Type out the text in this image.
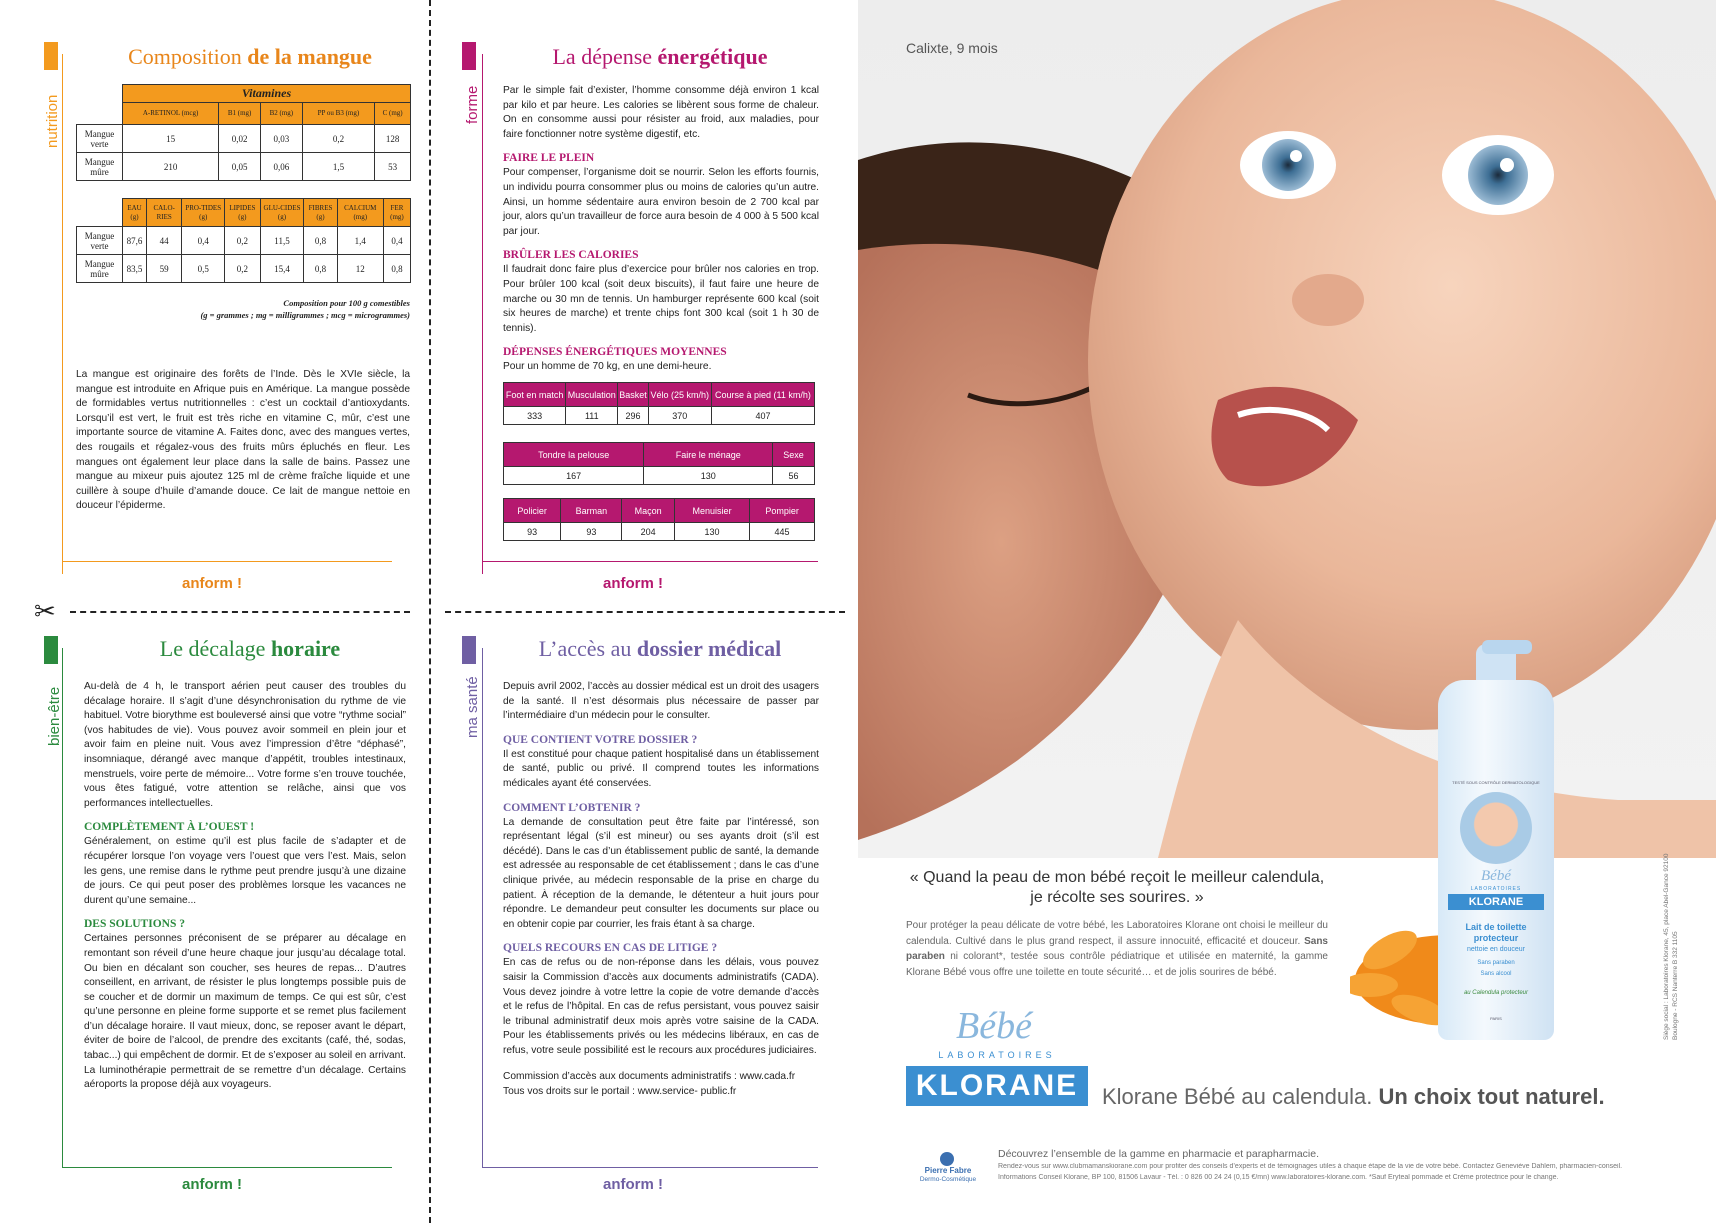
✂
nutrition
Composition de la mangue
	Vitamines				
	A-RETINOL (mcg)	B1 (mg)	B2 (mg)	PP ou B3 (mg)	C (mg)
Mangue verte	15	0,02	0,03	0,2	128
Mangue mûre	210	0,05	0,06	1,5	53
	EAU (g)	CALO-RIES	PRO-TIDES (g)	LIPIDES (g)	GLU-CIDES (g)	FIBRES (g)	CALCIUM (mg)	FER (mg)
Mangue verte	87,6	44	0,4	0,2	11,5	0,8	1,4	0,4
Mangue mûre	83,5	59	0,5	0,2	15,4	0,8	12	0,8
Composition pour 100 g comestibles
(g = grammes ; mg = milligrammes ; mcg = microgrammes)

La mangue est originaire des forêts de l’Inde. Dès le XVIe siècle, la mangue est introduite en Afrique puis en Amérique. La mangue possède de formidables vertus nutritionnelles : c’est un cocktail d’antioxydants. Lorsqu’il est vert, le fruit est très riche en vitamine C, mûr, c’est une importante source de vitamine A. Faites donc, avec des mangues vertes, des rougails et régalez-vous des fruits mûrs épluchés en fleur. Les mangues ont également leur place dans la salle de bains. Passez une mangue au mixeur puis ajoutez 125 ml de crème fraîche liquide et une cuillère à soupe d’huile d’amande douce. Ce lait de mangue nettoie en douceur l’épiderme.

anform !
forme
La dépense énergétique

Par le simple fait d’exister, l’homme consomme déjà environ 1 kcal par kilo et par heure. Les calories se libèrent sous forme de chaleur. On en consomme aussi pour résister au froid, aux maladies, pour faire fonctionner notre système digestif, etc.

FAIRE LE PLEIN

Pour compenser, l’organisme doit se nourrir. Selon les efforts fournis, un individu pourra consommer plus ou moins de calories qu’un autre. Ainsi, un homme sédentaire aura environ besoin de 2 700 kcal par jour, alors qu’un travailleur de force aura besoin de 4 000 à 5 500 kcal par jour.

BRÛLER LES CALORIES

Il faudrait donc faire plus d’exercice pour brûler nos calories en trop. Pour brûler 100 kcal (soit deux biscuits), il faut faire une heure de marche ou 30 mn de tennis. Un hamburger représente 600 kcal (soit six heures de marche) et trente chips font 300 kcal (soit 1 h 30 de tennis).

DÉPENSES ÉNERGÉTIQUES MOYENNES

Pour un homme de 70 kg, en une demi-heure.

Foot en match	Musculation	Basket	Vélo (25 km/h)	Course à pied (11 km/h)
333	111	296	370	407
Tondre la pelouse	Faire le ménage	Sexe
167	130	56
Policier	Barman	Maçon	Menuisier	Pompier
93	93	204	130	445
anform !
bien-être
Le décalage horaire

Au-delà de 4 h, le transport aérien peut causer des troubles du décalage horaire. Il s’agit d’une désynchronisation du rythme de vie habituel. Votre biorythme est bouleversé ainsi que votre “rythme social” (vos habitudes de vie). Vous pouvez avoir sommeil en plein jour et avoir faim en pleine nuit. Vous avez l’impression d’être “déphasé”, insomniaque, dérangé avec manque d’appétit, troubles intestinaux, menstruels, voire perte de mémoire... Votre forme s’en trouve touchée, vous êtes fatigué, votre attention se relâche, ainsi que vos performances intellectuelles.

COMPLÈTEMENT À L’OUEST !

Généralement, on estime qu’il est plus facile de s’adapter et de récupérer lorsque l’on voyage vers l’ouest que vers l’est. Mais, selon les gens, une remise dans le rythme peut prendre jusqu’à une dizaine de jours. Ce qui peut poser des problèmes lorsque les vacances ne durent qu’une semaine...

DES SOLUTIONS ?

Certaines personnes préconisent de se préparer au décalage en remontant son réveil d’une heure chaque jour jusqu’au décalage total. Ou bien en décalant son coucher, ses heures de repas... D’autres conseillent, en arrivant, de résister le plus longtemps possible puis de se coucher et de dormir un maximum de temps. Ce qui est sûr, c’est qu’une personne en pleine forme supporte et se remet plus facilement d’un décalage horaire. Il vaut mieux, donc, se reposer avant le départ, éviter de boire de l’alcool, de prendre des excitants (café, thé, sodas, tabac...) qui empêchent de dormir. Et de s’exposer au soleil en arrivant. La luminothérapie permettrait de se remettre d’un décalage. Certains aéroports la propose déjà aux voyageurs.

anform !
ma santé
L’accès au dossier médical

Depuis avril 2002, l’accès au dossier médical est un droit des usagers de la santé. Il n’est désormais plus nécessaire de passer par l’intermédiaire d’un médecin pour le consulter.

QUE CONTIENT VOTRE DOSSIER ?

Il est constitué pour chaque patient hospitalisé dans un établissement de santé, public ou privé. Il comprend toutes les informations médicales ayant été conservées.

COMMENT L’OBTENIR ?

La demande de consultation peut être faite par l’intéressé, son représentant légal (s’il est mineur) ou ses ayants droit (s’il est décédé). Dans le cas d’un établissement public de santé, la demande est adressée au responsable de cet établissement ; dans le cas d’une clinique privée, au médecin responsable de la prise en charge du patient. À réception de la demande, le détenteur a huit jours pour répondre. Le demandeur peut consulter les documents sur place ou en obtenir copie par courrier, les frais étant à sa charge.

QUELS RECOURS EN CAS DE LITIGE ?

En cas de refus ou de non-réponse dans les délais, vous pouvez saisir la Commission d’accès aux documents administratifs (CADA). Vous devez joindre à votre lettre la copie de votre demande d’accès et le refus de l’hôpital. En cas de refus persistant, vous pouvez saisir le tribunal administratif deux mois après votre saisine de la CADA. Pour les établissements privés ou les médecins libéraux, en cas de refus, votre seule possibilité est le recours aux procédures judiciaires.

Commission d’accès aux documents administratifs : www.cada.fr

Tous vos droits sur le portail : www.service- public.fr

anform !
Calixte, 9 mois
« Quand la peau de mon bébé reçoit le meilleur calendula,
je récolte ses sourires. »
Pour protéger la peau délicate de votre bébé, les Laboratoires Klorane ont choisi le meilleur du calendula. Cultivé dans le plus grand respect, il assure innocuité, efficacité et douceur. Sans paraben ni colorant*, testée sous contrôle pédiatrique et utilisée en maternité, la gamme Klorane Bébé vous offre une toilette en toute sécurité… et de jolis sourires de bébé.
TESTÉ SOUS CONTRÔLE DERMATOLOGIQUE
Bébé
LABORATOIRES
KLORANE
Lait de toilette
protecteur
nettoie en douceur
Sans paraben
Sans alcool
au Calendula protecteur
PARIS	Siège social : Laboratoires Klorane, 45, place Abel-Gance 92100 Boulogne - RCS Nanterre B 332 1105
Bébé
LABORATOIRES
KLORANE	Klorane Bébé au calendula. Un choix tout naturel.
Pierre Fabre
Dermo-Cosmétique
Découvrez l’ensemble de la gamme en pharmacie et parapharmacie.
Rendez-vous sur www.clubmamanskiorane.com pour profiter des conseils d’experts et de témoignages utiles à chaque étape de la vie de votre bébé. Contactez Geneviève Dahlem, pharmacien-conseil.
Informations Conseil Klorane, BP 100, 81506 Lavaur - Tél. : 0 826 00 24 24 (0,15 €/mn) www.laboratoires-klorane.com. *Sauf Eryteal pommade et Crème protectrice pour le change.
